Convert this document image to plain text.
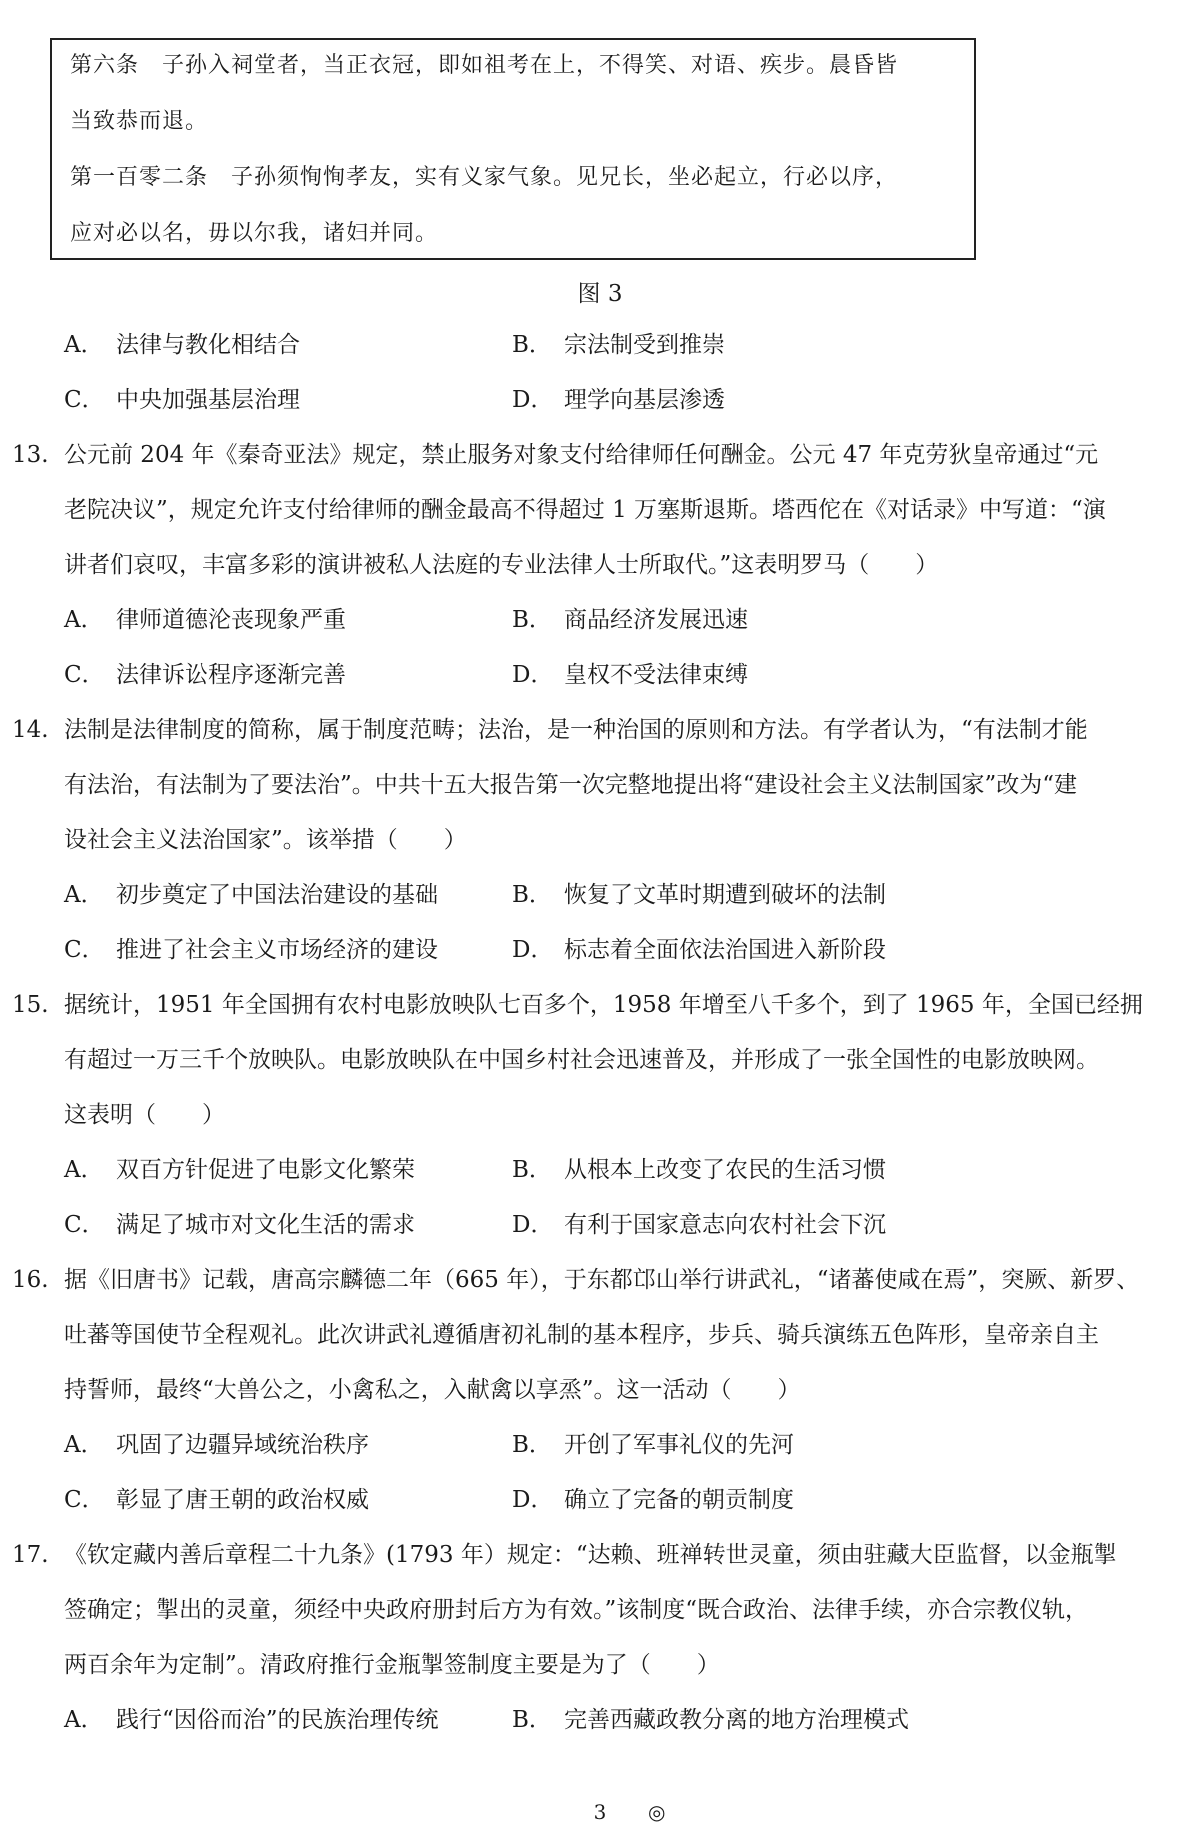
第六条　子孙入祠堂者，当正衣冠，即如祖考在上，不得笑、对语、疾步。晨昏皆
当致恭而退。
第一百零二条　子孙须恂恂孝友，实有义家气象。见兄长，坐必起立，行必以序，
应对必以名，毋以尔我，诸妇并同。
图 3
A． 法律与教化相结合	B． 宗法制受到推崇
C． 中央加强基层治理	D． 理学向基层渗透
13. 公元前 204 年《秦奇亚法》规定，禁止服务对象支付给律师任何酬金。公元 47 年克劳狄皇帝通过“元
老院决议”，规定允许支付给律师的酬金最高不得超过 1 万塞斯退斯。塔西佗在《对话录》中写道：“演
讲者们哀叹，丰富多彩的演讲被私人法庭的专业法律人士所取代。”这表明罗马（　　）
A． 律师道德沦丧现象严重	B． 商品经济发展迅速
C． 法律诉讼程序逐渐完善	D． 皇权不受法律束缚
14. 法制是法律制度的简称，属于制度范畴；法治，是一种治国的原则和方法。有学者认为，“有法制才能
有法治，有法制为了要法治”。中共十五大报告第一次完整地提出将“建设社会主义法制国家”改为“建
设社会主义法治国家”。该举措（　　）
A． 初步奠定了中国法治建设的基础	B． 恢复了文革时期遭到破坏的法制
C． 推进了社会主义市场经济的建设	D． 标志着全面依法治国进入新阶段
15. 据统计，1951 年全国拥有农村电影放映队七百多个，1958 年增至八千多个，到了 1965 年，全国已经拥
有超过一万三千个放映队。电影放映队在中国乡村社会迅速普及，并形成了一张全国性的电影放映网。
这表明（　　）
A． 双百方针促进了电影文化繁荣	B． 从根本上改变了农民的生活习惯
C． 满足了城市对文化生活的需求	D． 有利于国家意志向农村社会下沉
16. 据《旧唐书》记载，唐高宗麟德二年（665 年），于东都邙山举行讲武礼，“诸蕃使咸在焉”，突厥、新罗、
吐蕃等国使节全程观礼。此次讲武礼遵循唐初礼制的基本程序，步兵、骑兵演练五色阵形，皇帝亲自主
持誓师，最终“大兽公之，小禽私之，入献禽以享烝”。这一活动（　　）
A． 巩固了边疆异域统治秩序	B． 开创了军事礼仪的先河
C． 彰显了唐王朝的政治权威	D． 确立了完备的朝贡制度
17. 《钦定藏内善后章程二十九条》(1793 年）规定：“达赖、班禅转世灵童，须由驻藏大臣监督，以金瓶掣
签确定；掣出的灵童，须经中央政府册封后方为有效。”该制度“既合政治、法律手续，亦合宗教仪轨，
两百余年为定制”。清政府推行金瓶掣签制度主要是为了（　　）
A． 践行“因俗而治”的民族治理传统	B． 完善西藏政教分离的地方治理模式
3	◎
